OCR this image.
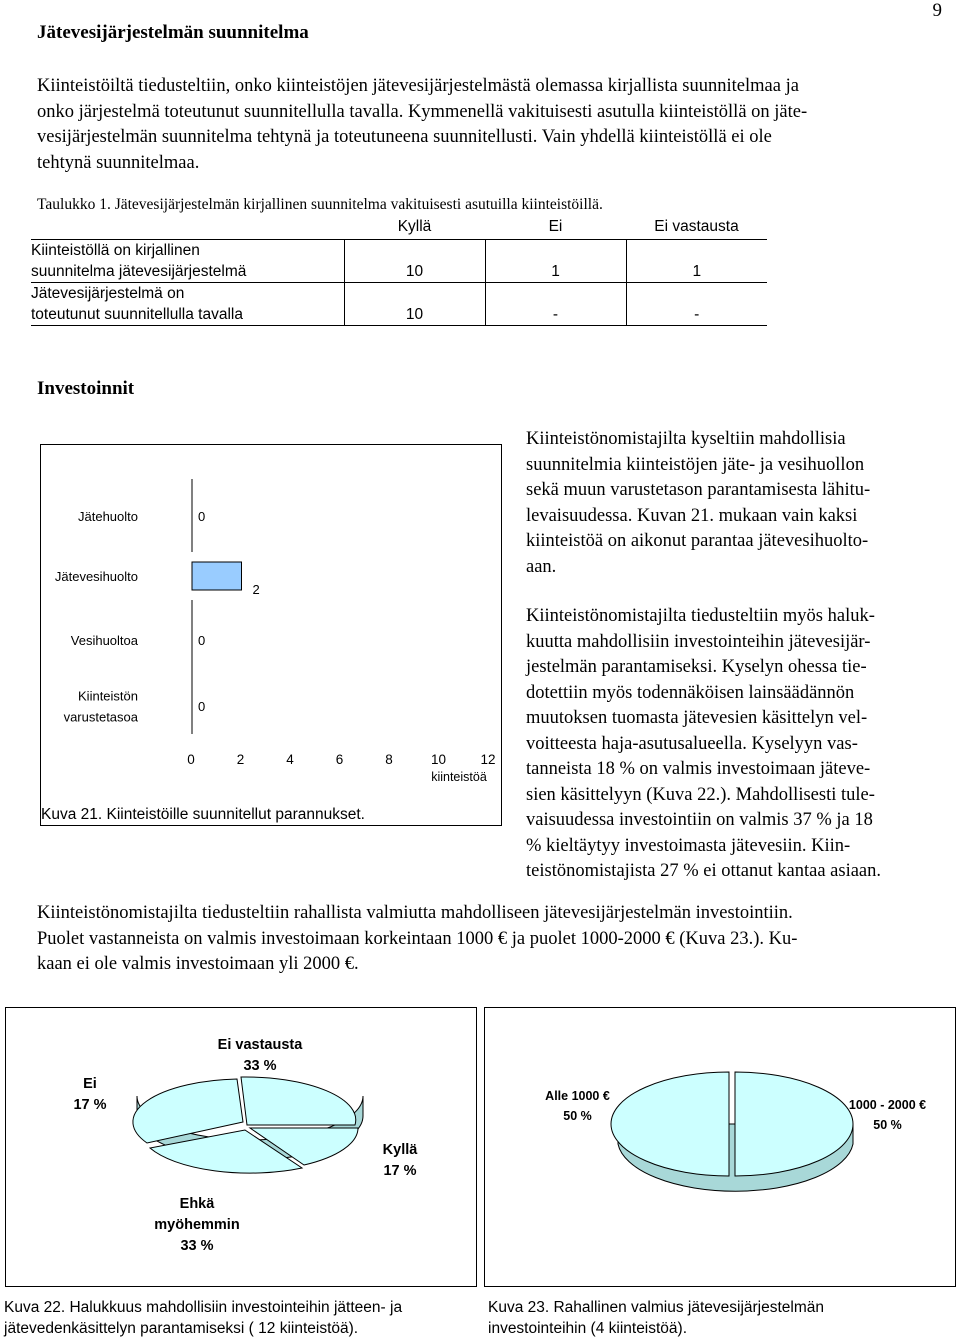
9
Jätevesijärjestelmän suunnitelma
Kiinteistöiltä tiedusteltiin, onko kiinteistöjen jätevesijärjestelmästä olemassa kirjallista suunnitelmaa ja
onko järjestelmä toteutunut suunnitellulla tavalla. Kymmenellä vakituisesti asutulla kiinteistöllä on jäte-
vesijärjestelmän suunnitelma tehtynä ja toteutuneena suunnitellusti. Vain yhdellä kiinteistöllä ei ole
tehtynä suunnitelmaa.
Taulukko 1. Jätevesijärjestelmän kirjallinen suunnitelma vakituisesti asutuilla kiinteistöillä.
	Kyllä	Ei	Ei vastausta

Kiinteistöllä on kirjallinen
suunnitelma jätevesijärjestelmä	10	1	1

Jätevesijärjestelmä on
toteutunut suunnitellulla tavalla	10	-	-
Investoinnit
Jätehuolto	0
Jätevesihuolto
2
Vesihuoltoa	0
Kiinteistön
varustetasoa
0
0	2	4	6	8	10	12
kiinteistöä
Kuva 21. Kiinteistöille suunnitellut parannukset.
Kiinteistönomistajilta kyseltiin mahdollisia
suunnitelmia kiinteistöjen jäte- ja vesihuollon
sekä muun varustetason parantamisesta lähitu-
levaisuudessa. Kuvan 21. mukaan vain kaksi
kiinteistöä on aikonut parantaa jätevesihuolto-
aan.
Kiinteistönomistajilta tiedusteltiin myös haluk-
kuutta mahdollisiin investointeihin jätevesijär-
jestelmän parantamiseksi. Kyselyn ohessa tie-
dotettiin myös todennäköisen lainsäädännön
muutoksen tuomasta jätevesien käsittelyn vel-
voitteesta haja-asutusalueella. Kyselyyn vas-
tanneista 18 % on valmis investoimaan jäteve-
sien käsittelyyn (Kuva 22.). Mahdollisesti tule-
vaisuudessa investointiin on valmis 37 % ja 18
% kieltäytyy investoimasta jätevesiin. Kiin-
teistönomistajista 27 % ei ottanut kantaa asiaan.
Kiinteistönomistajilta tiedusteltiin rahallista valmiutta mahdolliseen jätevesijärjestelmän investointiin.
Puolet vastanneista on valmis investoimaan korkeintaan 1000 € ja puolet 1000-2000 € (Kuva 23.). Ku-
kaan ei ole valmis investoimaan yli 2000 €.
Ei vastausta
33 %
Kyllä
17 %
Ehkä
myöhemmin
33 %
Ei
17 %
Kuva 22. Halukkuus mahdollisiin investointeihin jätteen- ja
jätevedenkäsittelyn parantamiseksi ( 12 kiinteistöä).
Alle 1000 €
50 %
1000 - 2000 €
50 %
Kuva 23. Rahallinen valmius jätevesijärjestelmän
investointeihin (4 kiinteistöä).
